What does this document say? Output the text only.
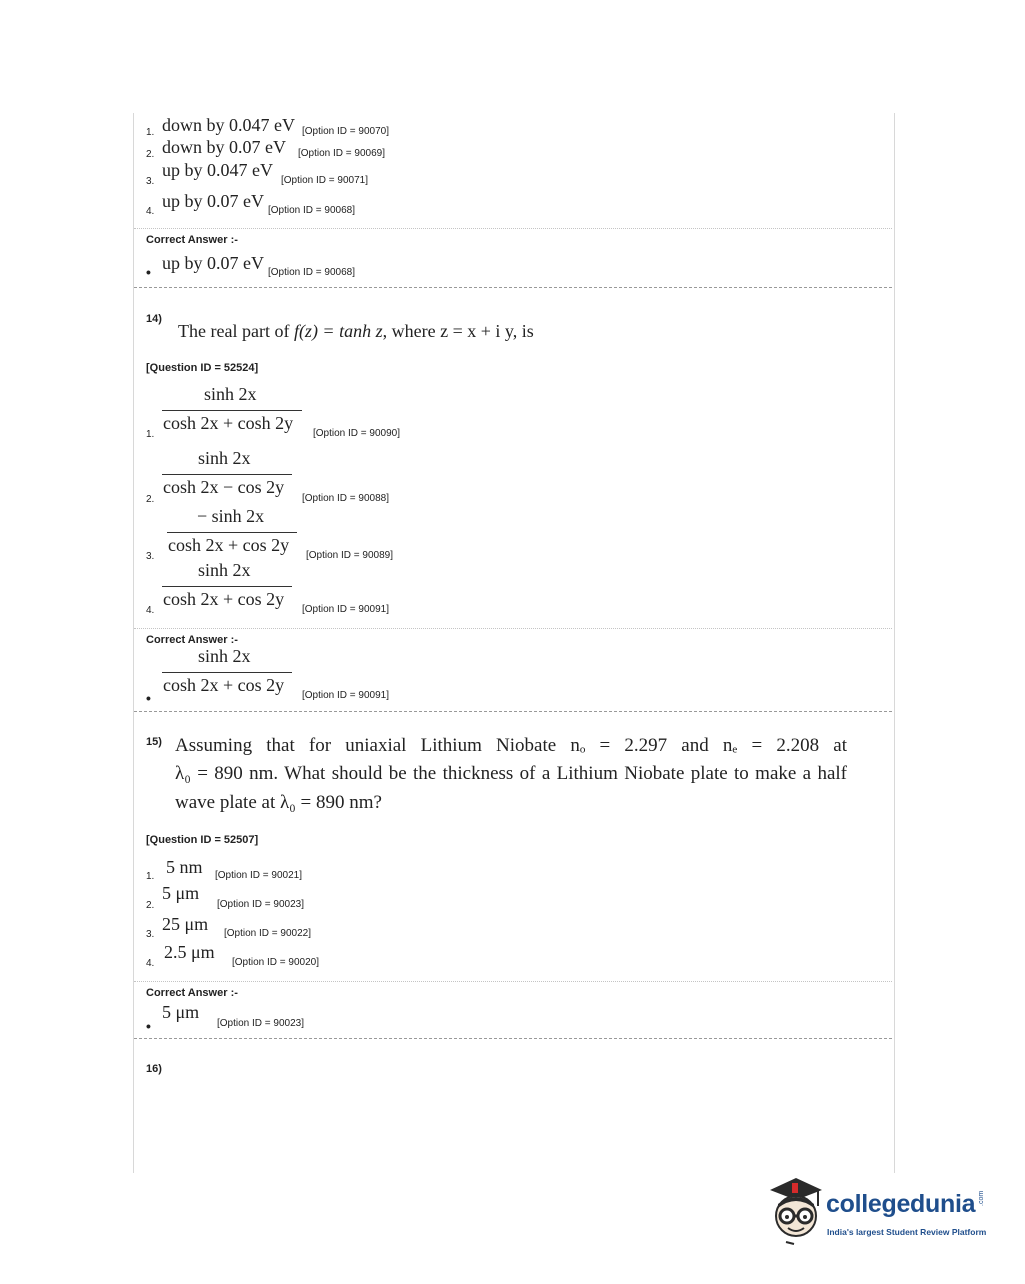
1. down by 0.047 eV [Option ID = 90070]
2. down by 0.07 eV [Option ID = 90069]
3.
up by 0.047 eV
[Option ID = 90071]
4.
up by 0.07 eV [Option ID = 90068]
Correct Answer :-
• up by 0.07 eV [Option ID = 90068]
14)
The real part of f(z) = tanh z, where z = x + i y, is
[Question ID = 52524]
1.
sinh 2x
cosh 2x + cosh 2y
[Option ID = 90090]
2.
sinh 2x
cosh 2x − cos 2y
[Option ID = 90088]
3.
− sinh 2x
cosh 2x + cos 2y
[Option ID = 90089]
4.
sinh 2x
cosh 2x + cos 2y
[Option ID = 90091]
Correct Answer :-
•
sinh 2x
cosh 2x + cos 2y
[Option ID = 90091]
15) Assuming that for uniaxial Lithium Niobate nₒ = 2.297 and nₑ = 2.208 at
λ₀ = 890 nm. What should be the thickness of a Lithium Niobate plate to make a half
wave plate at λ₀ = 890 nm?
[Question ID = 52507]
1. 5 nm [Option ID = 90021]
2.
5 μm
[Option ID = 90023]
3.
25 μm [Option ID = 90022]
4.
2.5 μm
[Option ID = 90020]
Correct Answer :-
•
5 μm
[Option ID = 90023]
16)
collegedunia .com
India's largest Student Review Platform
